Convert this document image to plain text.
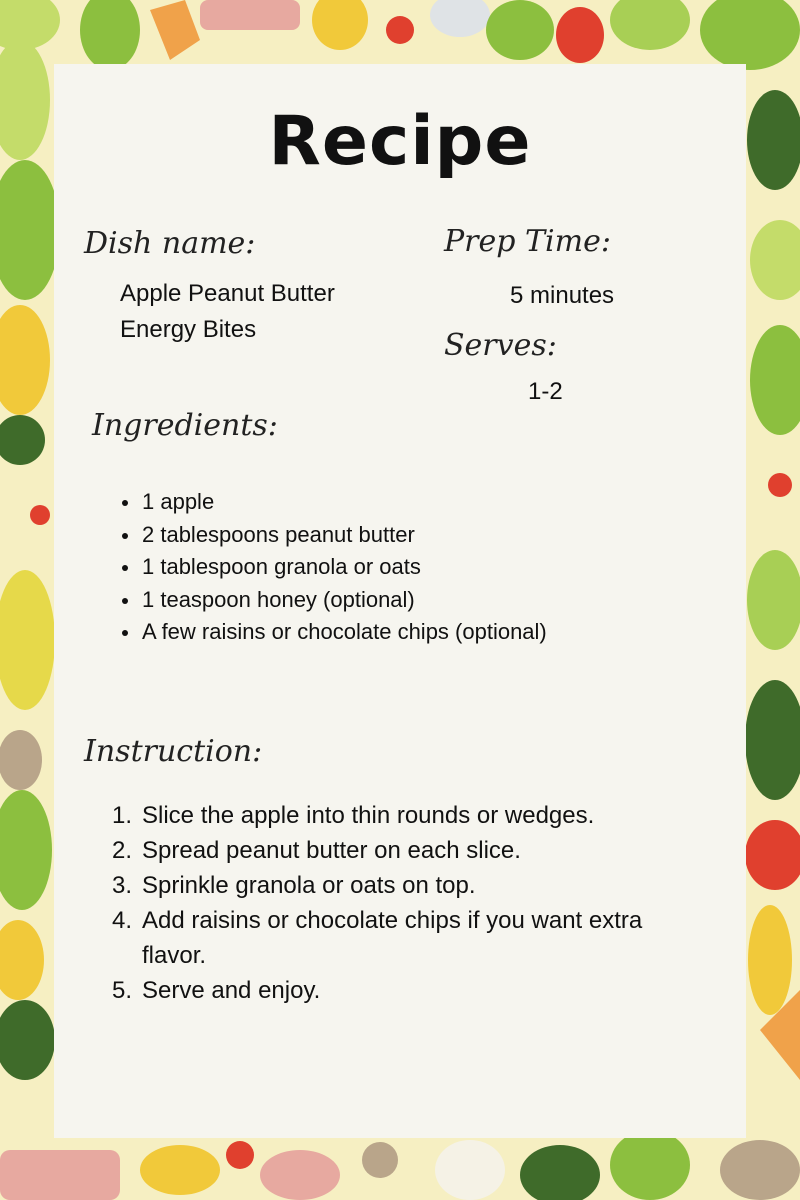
Recipe
Dish name:
Apple Peanut Butter
Energy Bites
Prep Time:
5 minutes
Serves:
1-2
Ingredients:
1 apple
2 tablespoons peanut butter
1 tablespoon granola or oats
1 teaspoon honey (optional)
A few raisins or chocolate chips (optional)
Instruction:
1. Slice the apple into thin rounds or wedges.
2. Spread peanut butter on each slice.
3. Sprinkle granola or oats on top.
4. Add raisins or chocolate chips if you want extra flavor.
5. Serve and enjoy.
